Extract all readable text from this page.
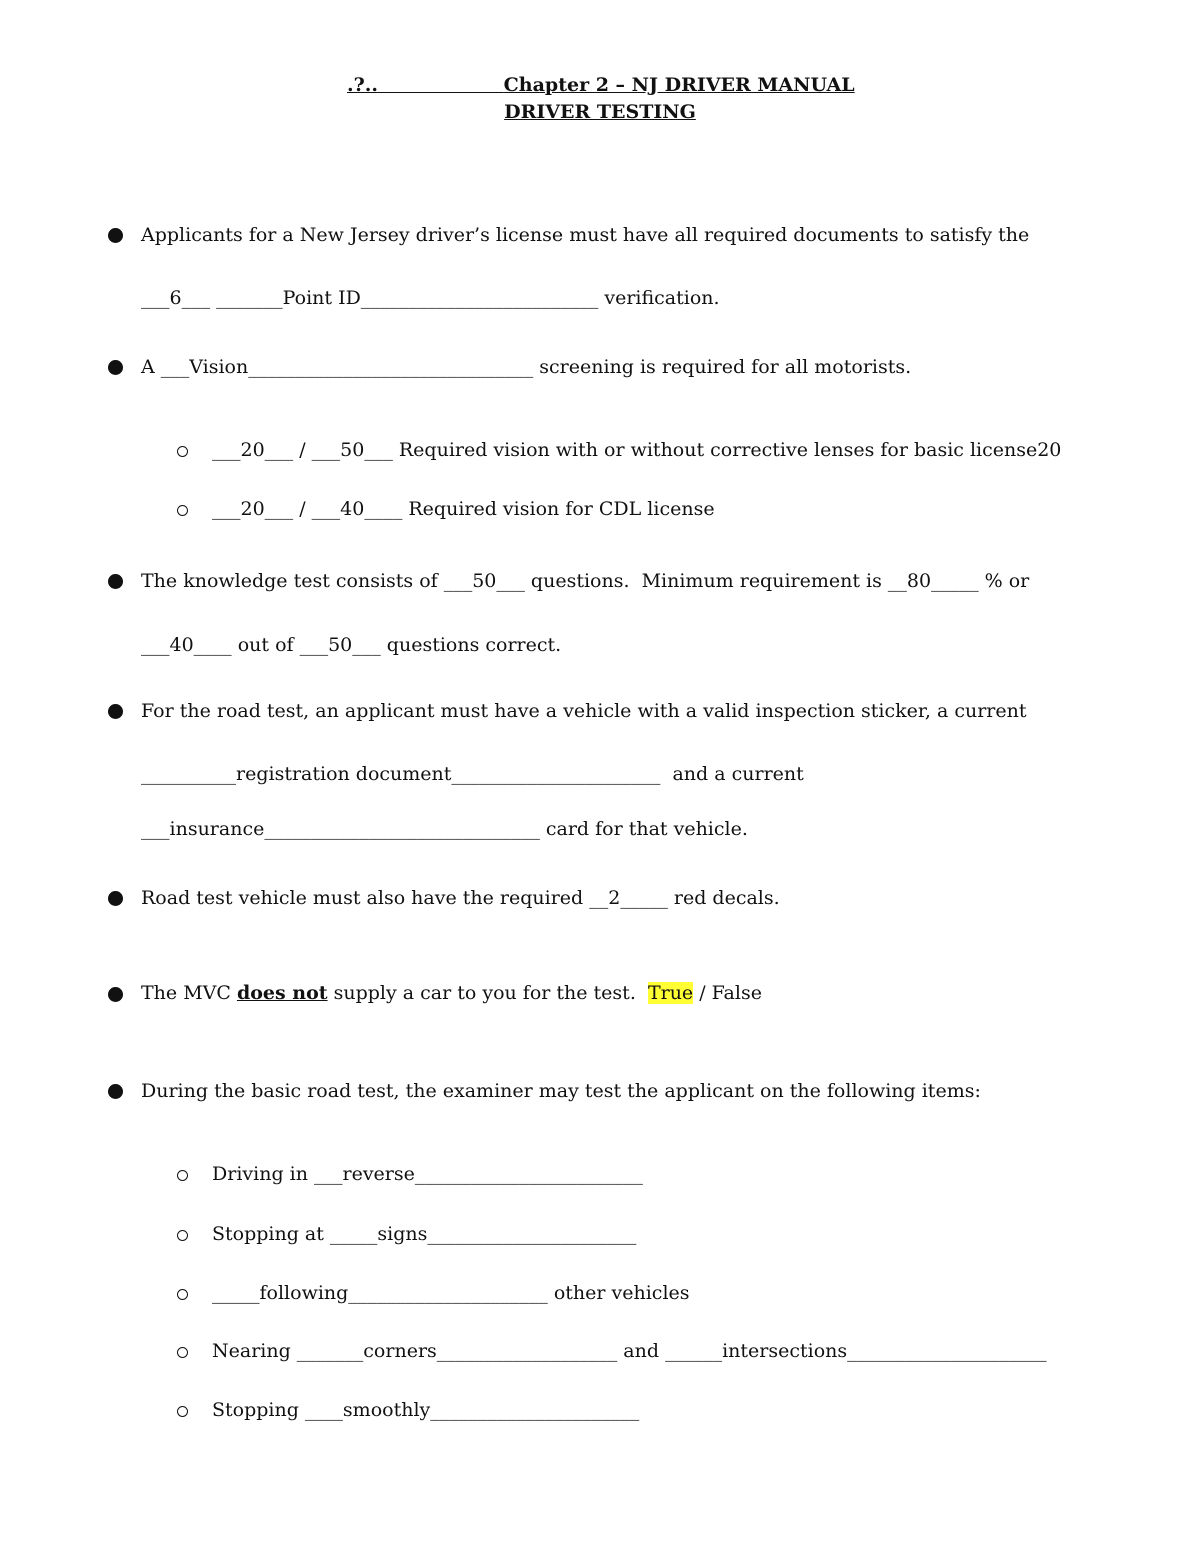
.?..	Chapter 2 – NJ DRIVER MANUAL
DRIVER TESTING
Applicants for a New Jersey driver’s license must have all required documents to satisfy the
___6___ _______Point ID_________________________ verification.
A ___Vision______________________________ screening is required for all motorists.
___20___ / ___50___ Required vision with or without corrective lenses for basic license20
___20___ / ___40____ Required vision for CDL license
The knowledge test consists of ___50___ questions.  Minimum requirement is __80_____ % or
___40____ out of ___50___ questions correct.
For the road test, an applicant must have a vehicle with a valid inspection sticker, a current
__________registration document______________________  and a current
___insurance_____________________________ card for that vehicle.
Road test vehicle must also have the required __2_____ red decals.
The MVC does not supply a car to you for the test.  True / False
During the basic road test, the examiner may test the applicant on the following items:
Driving in ___reverse________________________
Stopping at _____signs______________________
_____following_____________________ other vehicles
Nearing _______corners___________________ and ______intersections_____________________
Stopping ____smoothly______________________
